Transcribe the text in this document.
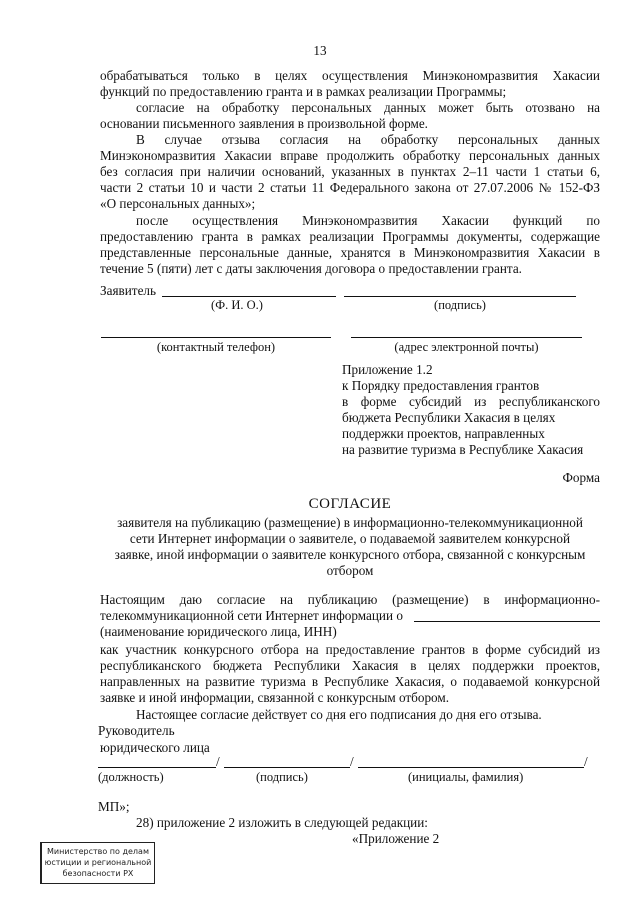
13
обрабатываться только в целях осуществления Минэкономразвития Хакасии
функций по предоставлению гранта и в рамках реализации Программы;
согласие на обработку персональных данных может быть отозвано на
основании письменного заявления в произвольной форме.
В случае отзыва согласия на обработку персональных данных
Минэкономразвития Хакасии вправе продолжить обработку персональных данных
без согласия при наличии оснований, указанных в пунктах 2–11 части 1 статьи 6,
части 2 статьи 10 и части 2 статьи 11 Федерального закона от 27.07.2006 № 152-ФЗ
«О персональных данных»;
после осуществления Минэкономразвития Хакасии функций по
предоставлению гранта в рамках реализации Программы документы, содержащие
представленные персональные данные, хранятся в Минэкономразвития Хакасии в
течение 5 (пяти) лет с даты заключения договора о предоставлении гранта.
Заявитель
(Ф. И. О.)	(подпись)
(контактный телефон)	(адрес электронной почты)
Приложение 1.2
к Порядку предоставления грантов
в форме субсидий из республиканского
бюджета Республики Хакасия в целях
поддержки проектов, направленных
на развитие туризма в Республике Хакасия
Форма
СОГЛАСИЕ
заявителя на публикацию (размещение) в информационно-телекоммуникационной
сети Интернет информации о заявителе, о подаваемой заявителем конкурсной
заявке, иной информации о заявителе конкурсного отбора, связанной с конкурсным
отбором
Настоящим даю согласие на публикацию (размещение) в информационно-
телекоммуникационной сети Интернет информации о
(наименование юридического лица, ИНН)
как участник конкурсного отбора на предоставление грантов в форме субсидий из
республиканского бюджета Республики Хакасия в целях поддержки проектов,
направленных на развитие туризма в Республике Хакасия, о подаваемой конкурсной
заявке и иной информации, связанной с конкурсным отбором.
Настоящее согласие действует со дня его подписания до дня его отзыва.
Руководитель
юридического лица
/	/	/
(должность)	(подпись)	(инициалы, фамилия)
МП»;
28) приложение 2 изложить в следующей редакции:
«Приложение 2
Министерство по делам
юстиции и региональной
безопасности РХ
